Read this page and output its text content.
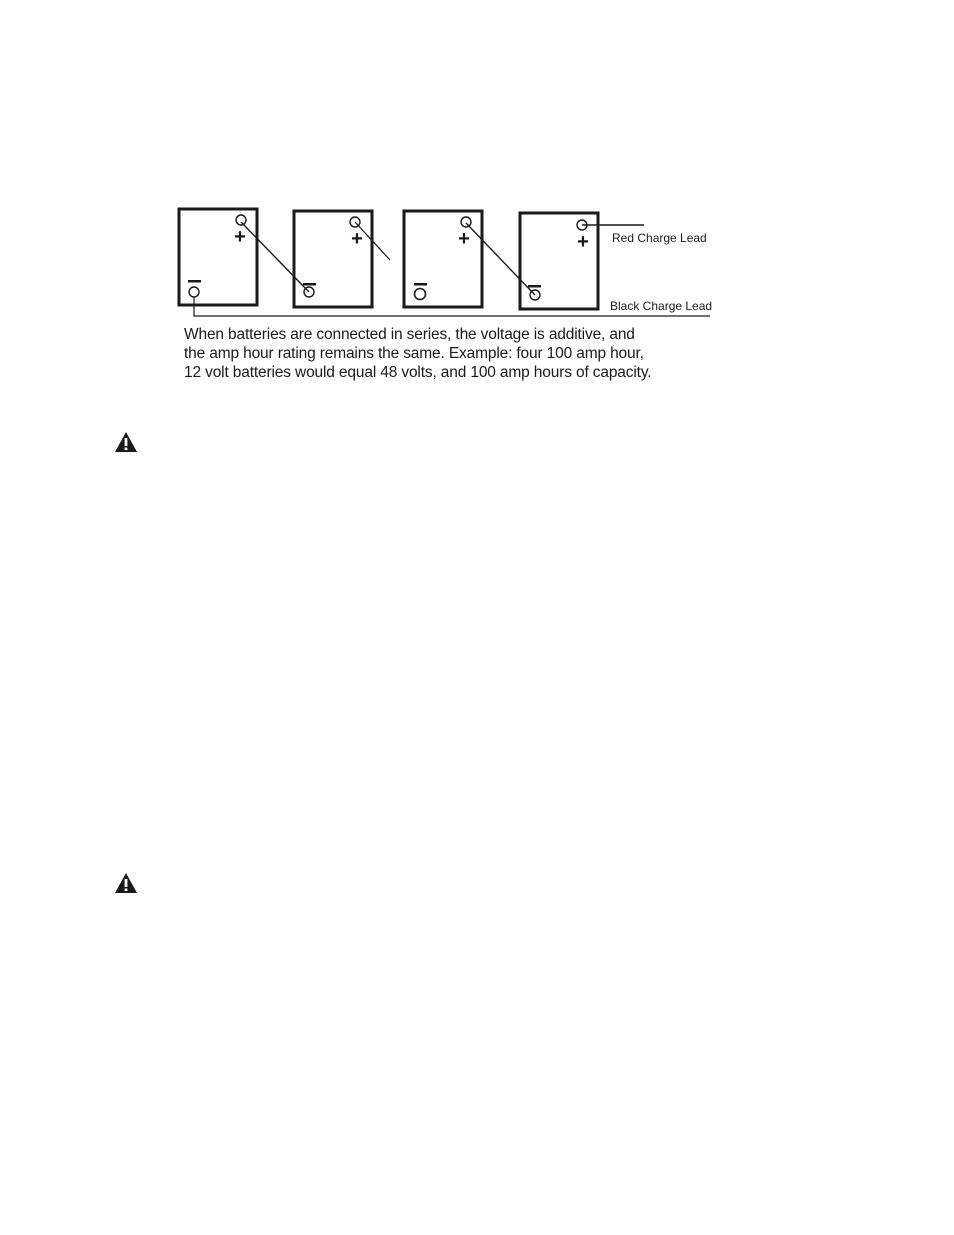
+	+	+	+ Red Charge Lead
Black Charge Lead
When batteries are connected in series, the voltage is additive, and
the amp hour rating remains the same. Example: four 100 amp hour,
12 volt batteries would equal 48 volts, and 100 amp hours of capacity.
